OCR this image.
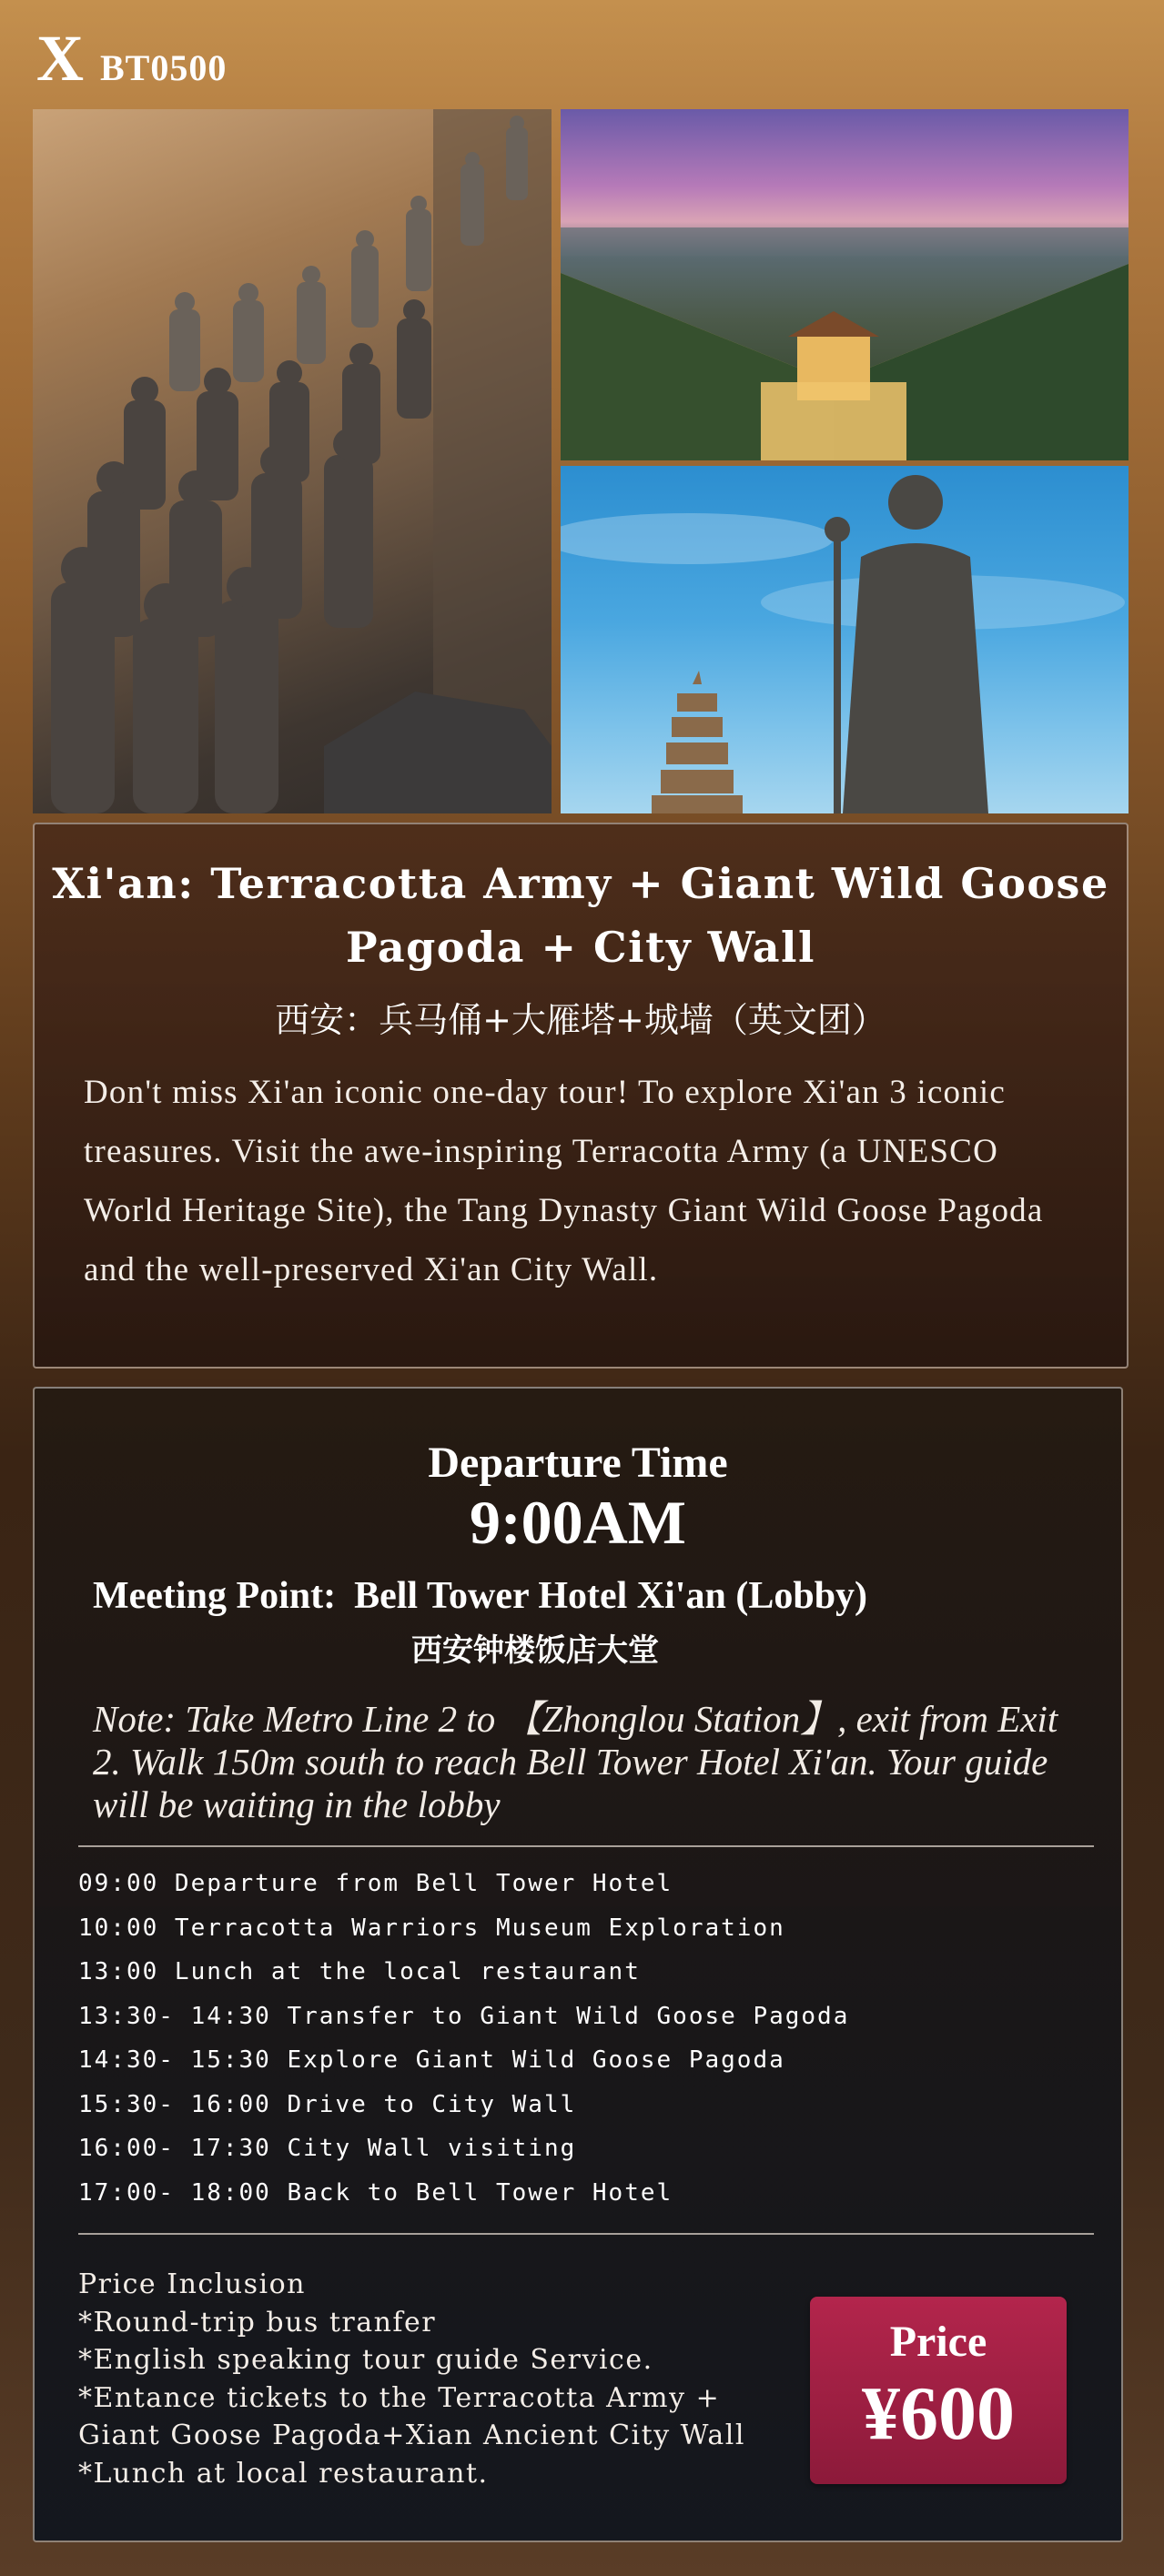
X BT0500
Xi'an: Terracotta Army + Giant Wild Goose Pagoda + City Wall
西安：兵马俑+大雁塔+城墙（英文团）
Don't miss Xi'an iconic one-day tour! To explore Xi'an 3 iconic treasures. Visit the awe-inspiring Terracotta Army (a UNESCO World Heritage Site), the Tang Dynasty Giant Wild Goose Pagoda and the well-preserved Xi'an City Wall.
Departure Time
9:00AM
Meeting Point: Bell Tower Hotel Xi'an (Lobby)
西安钟楼饭店大堂
Note: Take Metro Line 2 to 【Zhonglou Station】, exit from Exit 2. Walk 150m south to reach Bell Tower Hotel Xi'an. Your guide will be waiting in the lobby
09:00 Departure from Bell Tower Hotel
10:00 Terracotta Warriors Museum Exploration
13:00 Lunch at the local restaurant
13:30- 14:30 Transfer to Giant Wild Goose Pagoda
14:30- 15:30 Explore Giant Wild Goose Pagoda
15:30- 16:00 Drive to City Wall
16:00- 17:30 City Wall visiting
17:00- 18:00 Back to Bell Tower Hotel

Price Inclusion

*Round-trip bus tranfer

*English speaking tour guide Service.

*Entance tickets to the Terracotta Army + Giant Goose Pagoda+Xian Ancient City Wall

*Lunch at local restaurant.

Price
¥600
